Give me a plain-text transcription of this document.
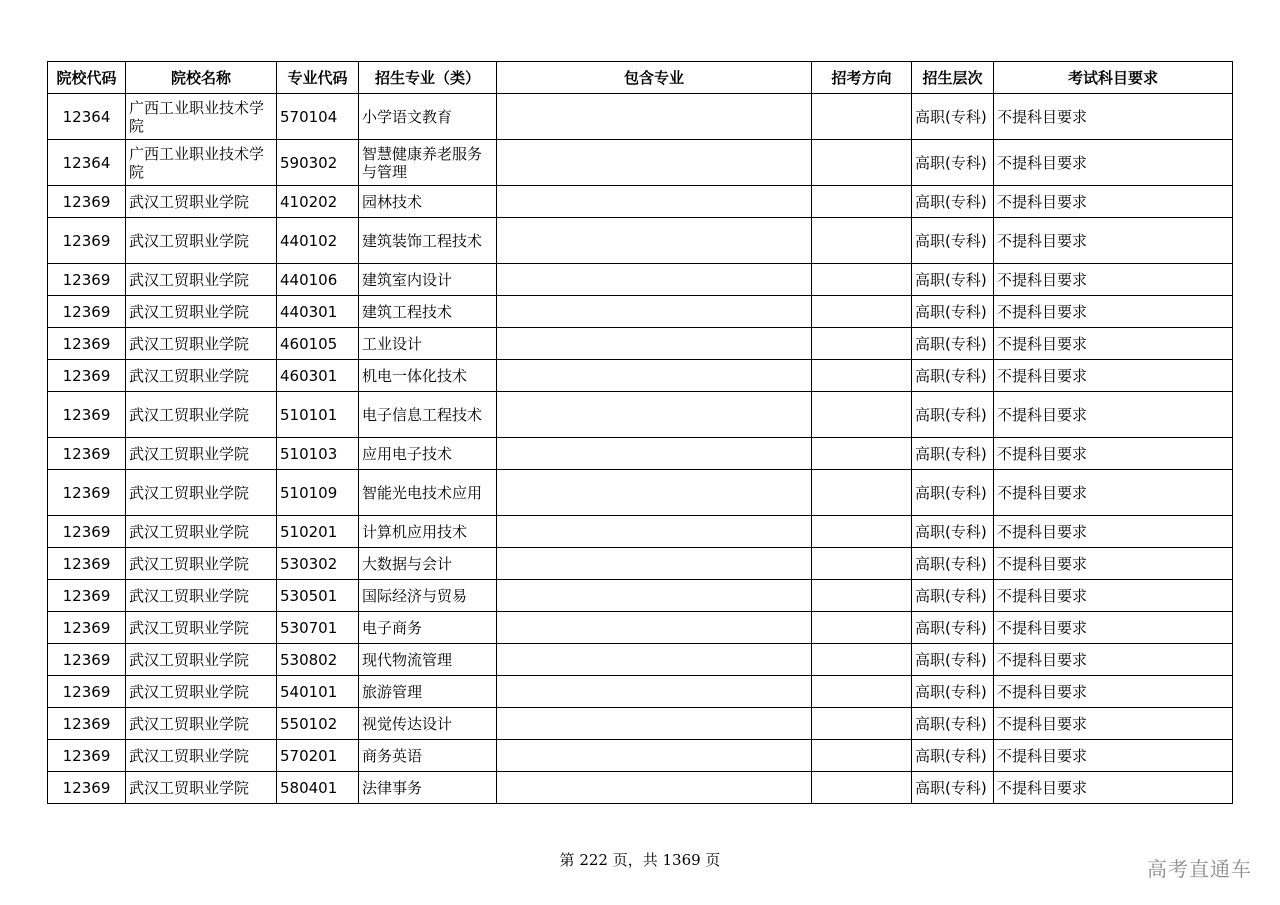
院校代码	院校名称	专业代码	招生专业（类）	包含专业	招考方向	招生层次	考试科目要求
12364	广西工业职业技术学院	570104	小学语文教育			高职(专科)	不提科目要求
12364	广西工业职业技术学院	590302	智慧健康养老服务与管理			高职(专科)	不提科目要求
12369	武汉工贸职业学院	410202	园林技术			高职(专科)	不提科目要求
12369	武汉工贸职业学院	440102	建筑装饰工程技术			高职(专科)	不提科目要求
12369	武汉工贸职业学院	440106	建筑室内设计			高职(专科)	不提科目要求
12369	武汉工贸职业学院	440301	建筑工程技术			高职(专科)	不提科目要求
12369	武汉工贸职业学院	460105	工业设计			高职(专科)	不提科目要求
12369	武汉工贸职业学院	460301	机电一体化技术			高职(专科)	不提科目要求
12369	武汉工贸职业学院	510101	电子信息工程技术			高职(专科)	不提科目要求
12369	武汉工贸职业学院	510103	应用电子技术			高职(专科)	不提科目要求
12369	武汉工贸职业学院	510109	智能光电技术应用			高职(专科)	不提科目要求
12369	武汉工贸职业学院	510201	计算机应用技术			高职(专科)	不提科目要求
12369	武汉工贸职业学院	530302	大数据与会计			高职(专科)	不提科目要求
12369	武汉工贸职业学院	530501	国际经济与贸易			高职(专科)	不提科目要求
12369	武汉工贸职业学院	530701	电子商务			高职(专科)	不提科目要求
12369	武汉工贸职业学院	530802	现代物流管理			高职(专科)	不提科目要求
12369	武汉工贸职业学院	540101	旅游管理			高职(专科)	不提科目要求
12369	武汉工贸职业学院	550102	视觉传达设计			高职(专科)	不提科目要求
12369	武汉工贸职业学院	570201	商务英语			高职(专科)	不提科目要求
12369	武汉工贸职业学院	580401	法律事务			高职(专科)	不提科目要求
第 222 页，共 1369 页	高考直通车
